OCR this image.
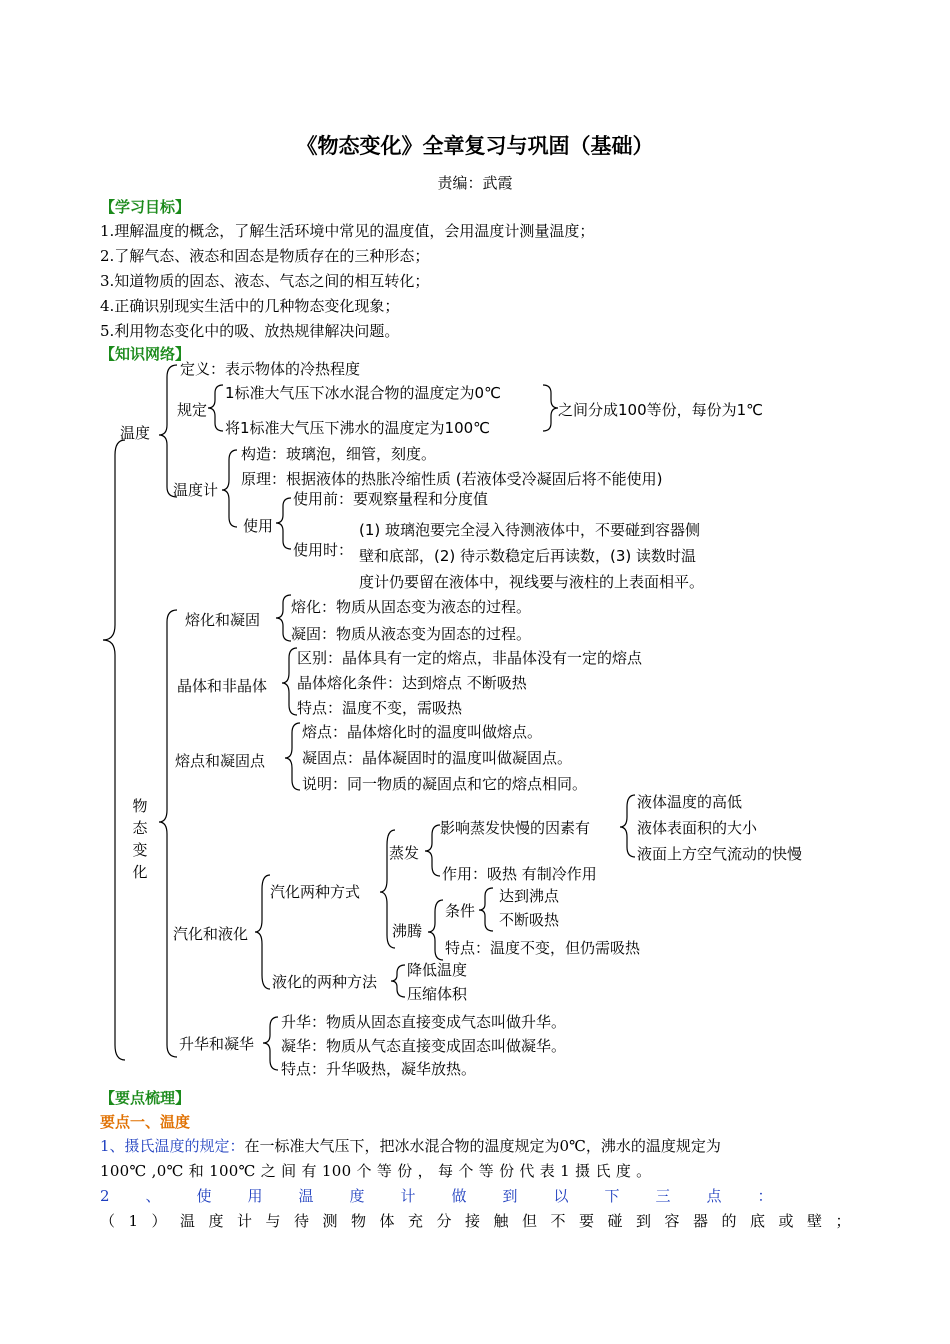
《物态变化》全章复习与巩固（基础）
责编：武霞
【学习目标】
1.理解温度的概念，了解生活环境中常见的温度值，会用温度计测量温度；
2.了解气态、液态和固态是物质存在的三种形态；
3.知道物质的固态、液态、气态之间的相互转化；
4.正确识别现实生活中的几种物态变化现象；
5.利用物态变化中的吸、放热规律解决问题。
【知识网络】
温度
定义：表示物体的冷热程度
规定
1标准大气压下冰水混合物的温度定为0℃
将1标准大气压下沸水的温度定为100℃
之间分成100等份，每份为1℃
温度计
构造：玻璃泡，细管，刻度。
原理：根据液体的热胀冷缩性质 (若液体受冷凝固后将不能使用)
使用
使用前：要观察量程和分度值
使用时：
(1) 玻璃泡要完全浸入待测液体中，不要碰到容器侧
壁和底部，(2) 待示数稳定后再读数，(3) 读数时温
度计仍要留在液体中，视线要与液柱的上表面相平。
物态变化
熔化和凝固
熔化：物质从固态变为液态的过程。
凝固：物质从液态变为固态的过程。
晶体和非晶体
区别：晶体具有一定的熔点，非晶体没有一定的熔点
晶体熔化条件：达到熔点 不断吸热
特点：温度不变，需吸热
熔点和凝固点
熔点：晶体熔化时的温度叫做熔点。
凝固点：晶体凝固时的温度叫做凝固点。
说明：同一物质的凝固点和它的熔点相同。
汽化和液化
汽化两种方式
蒸发
影响蒸发快慢的因素有
液体温度的高低
液体表面积的大小
液面上方空气流动的快慢
作用：吸热 有制冷作用
沸腾
条件
达到沸点
不断吸热
特点：温度不变，但仍需吸热
液化的两种方法
降低温度
压缩体积
升华和凝华
升华：物质从固态直接变成气态叫做升华。
凝华：物质从气态直接变成固态叫做凝华。
特点：升华吸热，凝华放热。
【要点梳理】
要点一、温度
1、摄氏温度的规定：在一标准大气压下，把冰水混合物的温度规定为0℃，沸水的温度规定为
100℃ ,0℃ 和 100℃ 之 间 有 100 个 等 份 ， 每 个 等 份 代 表 1 摄 氏 度 。
2、使用温度计做到以下三点：
（1）温度计与待测物体充分接触但不要碰到容器的底或壁；
